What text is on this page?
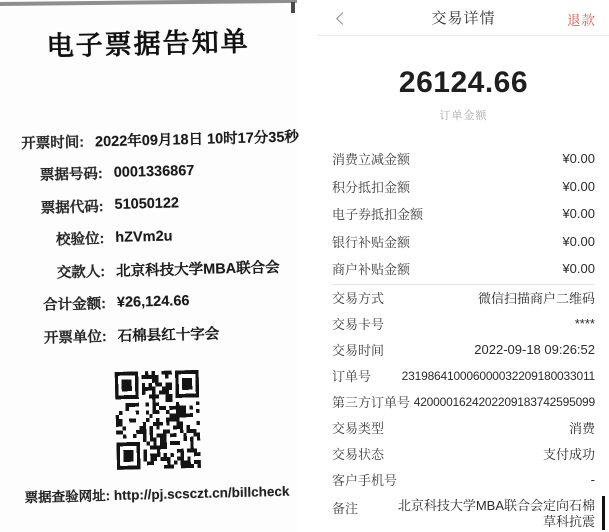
电子票据告知单
开票时间: 2022年09月18日 10时17分35秒
票据号码: 0001336867
票据代码: 51050122
校验位: hZVm2u
交款人: 北京科技大学MBA联合会
合计金额: ¥26,124.66
开票单位: 石棉县红十字会
票据查验网址: http://pj.scsczt.cn/billcheck
交易详情	退款
26124.66
订单金额
消费立减金额	¥0.00
积分抵扣金额	¥0.00
电子券抵扣金额	¥0.00
银行补贴金额	¥0.00
商户补贴金额	¥0.00
交易方式	微信扫描商户二维码
交易卡号	****
交易时间	2022-09-18 09:26:52
订单号	231986410006000032209180033011
第三方订单号 4200001624202209183742595099
交易类型	消费
交易状态	支付成功
客户手机号	-
备注	北京科技大学MBA联合会定向石棉草科抗震
